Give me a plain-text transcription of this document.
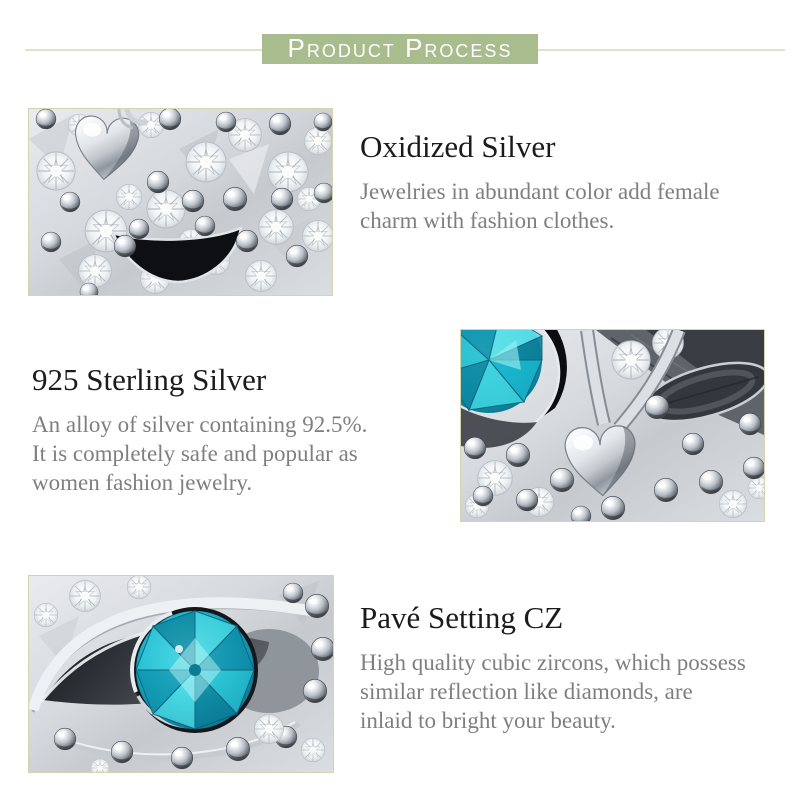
Product Process
Oxidized Silver
Jewelries in abundant color add female
charm with fashion clothes.
925 Sterling Silver
An alloy of silver containing 92.5%.
It is completely safe and popular as
women fashion jewelry.
Pavé Setting CZ
High quality cubic zircons, which possess
similar reflection like diamonds, are
inlaid to bright your beauty.
